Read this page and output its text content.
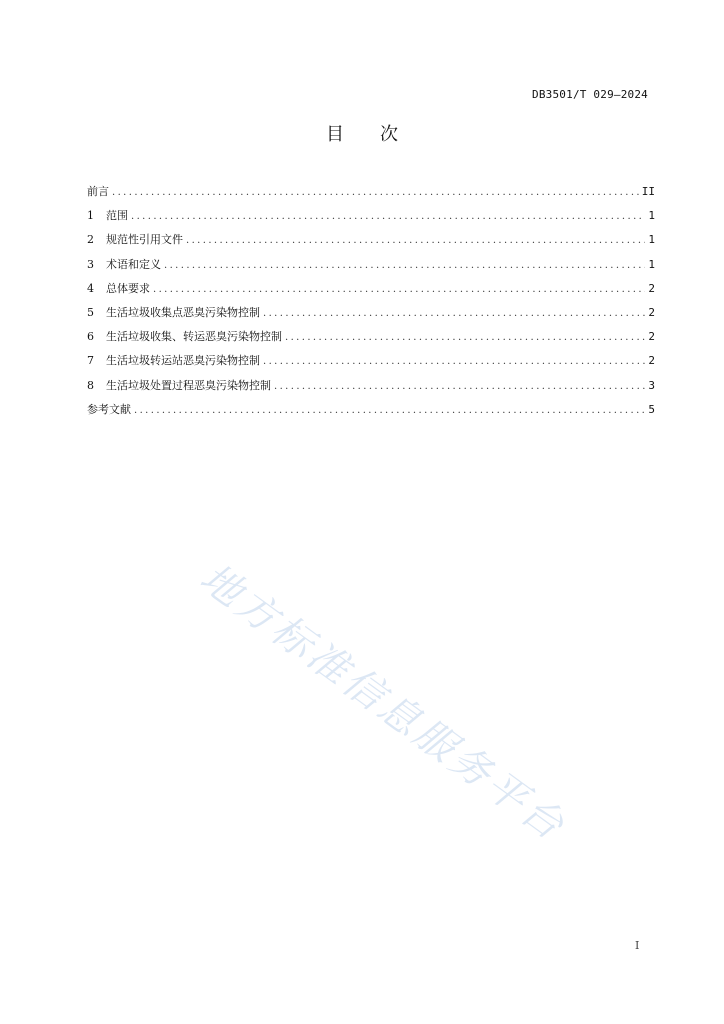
DB3501/T 029—2024
目次
前言 .....	II
1	范围 .....	1
2	规范性引用文件 .....	1
3	术语和定义 .....	1
4	总体要求 .....	2
5	生活垃圾收集点恶臭污染物控制 .....	2
6	生活垃圾收集、转运恶臭污染物控制 .....	2
7	生活垃圾转运站恶臭污染物控制 .....	2
8	生活垃圾处置过程恶臭污染物控制 .....	3
参考文献 .....	5
地方标准信息服务平台
I
